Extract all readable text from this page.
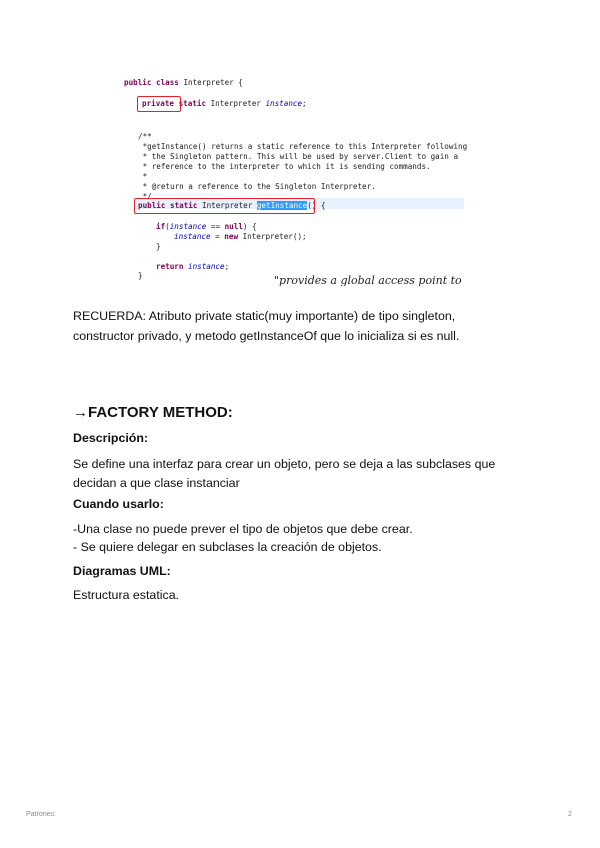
public class Interpreter {
private static Interpreter instance;
/**
*getInstance() returns a static reference to this Interpreter following
* the Singleton pattern. This will be used by server.Client to gain a
* reference to the interpreter to which it is sending commands.
*
* @return a reference to the Singleton Interpreter.
*/
public static Interpreter getInstance() {
if(instance == null) {
instance = new Interpreter();
}
return instance;
}	"provides a global access point to
RECUERDA: Atributo private static(muy importante) de tipo singleton,
constructor privado, y metodo getInstanceOf que lo inicializa si es null.
→FACTORY METHOD:
Descripción:
Se define una interfaz para crear un objeto, pero se deja a las subclases que
decidan a que clase instanciar
Cuando usarlo:
-Una clase no puede prever el tipo de objetos que debe crear.
- Se quiere delegar en subclases la creación de objetos.
Diagramas UML:
Estructura estatica.
Patrones:	2
